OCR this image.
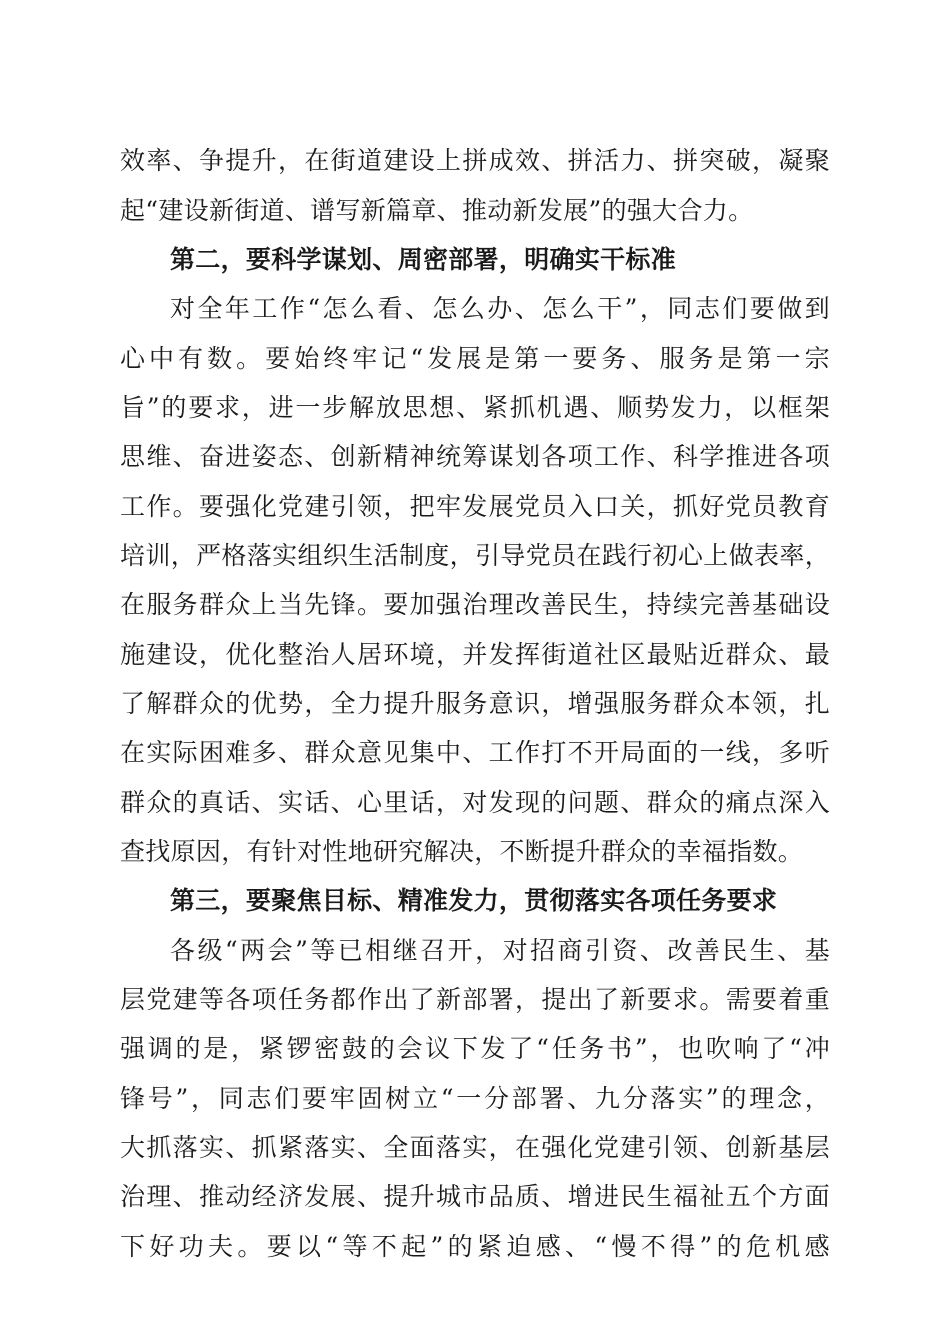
效率、争提升，在街道建设上拼成效、拼活力、拼突破，凝聚
起“建设新街道、谱写新篇章、推动新发展”的强大合力。
第二，要科学谋划、周密部署，明确实干标准
对全年工作“怎么看、怎么办、怎么干”，同志们要做到
心中有数。要始终牢记“发展是第一要务、服务是第一宗
旨”的要求，进一步解放思想、紧抓机遇、顺势发力，以框架
思维、奋进姿态、创新精神统筹谋划各项工作、科学推进各项
工作。要强化党建引领，把牢发展党员入口关，抓好党员教育
培训，严格落实组织生活制度，引导党员在践行初心上做表率，
在服务群众上当先锋。要加强治理改善民生，持续完善基础设
施建设，优化整治人居环境，并发挥街道社区最贴近群众、最
了解群众的优势，全力提升服务意识，增强服务群众本领，扎
在实际困难多、群众意见集中、工作打不开局面的一线，多听
群众的真话、实话、心里话，对发现的问题、群众的痛点深入
查找原因，有针对性地研究解决，不断提升群众的幸福指数。
第三，要聚焦目标、精准发力，贯彻落实各项任务要求
各级“两会”等已相继召开，对招商引资、改善民生、基
层党建等各项任务都作出了新部署，提出了新要求。需要着重
强调的是，紧锣密鼓的会议下发了“任务书”，也吹响了“冲
锋号”，同志们要牢固树立“一分部署、九分落实”的理念，
大抓落实、抓紧落实、全面落实，在强化党建引领、创新基层
治理、推动经济发展、提升城市品质、增进民生福祉五个方面
下好功夫。要以“等不起”的紧迫感、“慢不得”的危机感
